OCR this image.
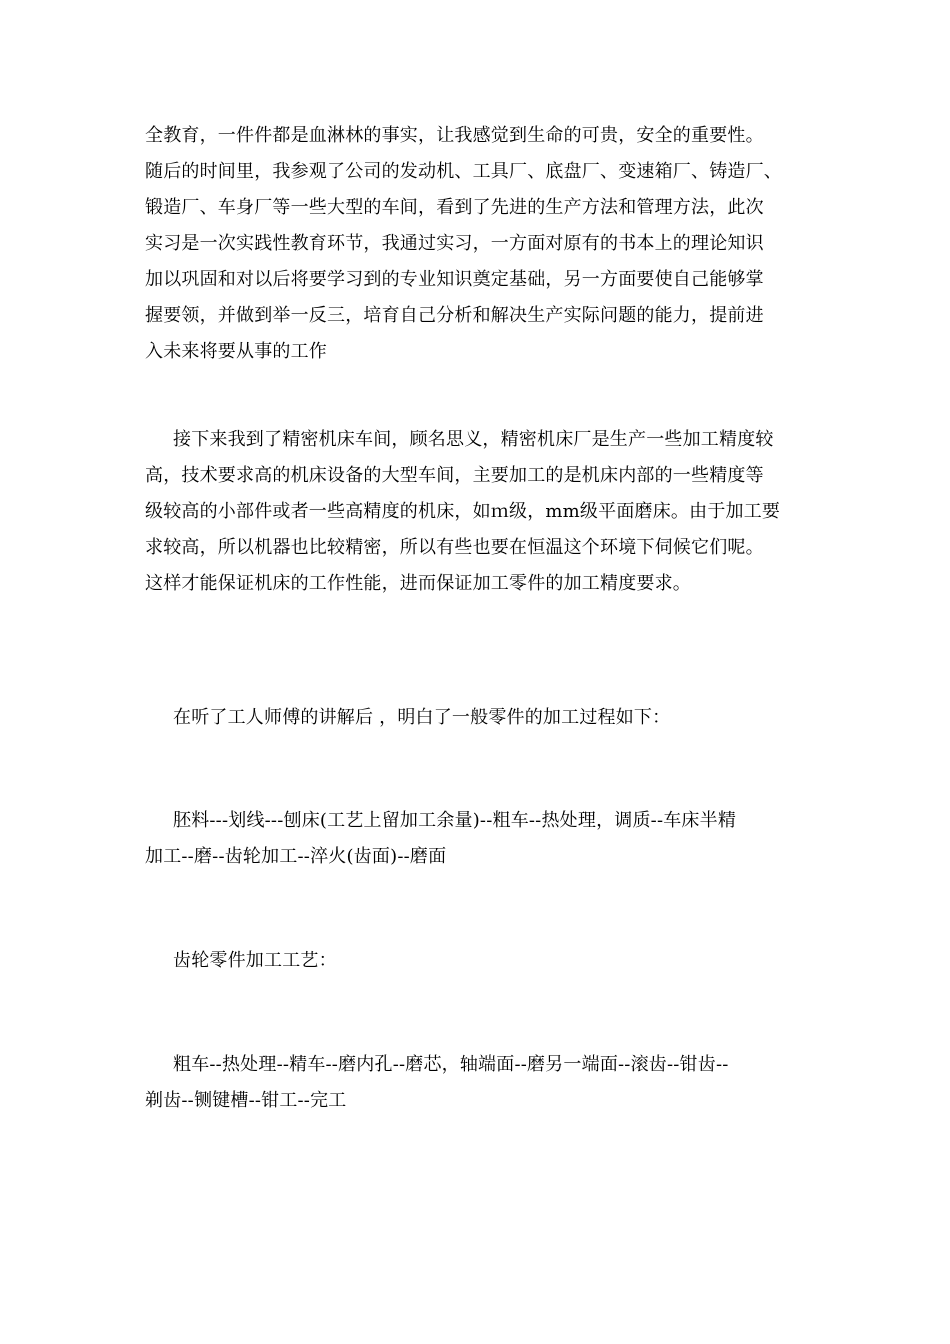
全教育，一件件都是血淋林的事实，让我感觉到生命的可贵，安全的重要性。
随后的时间里，我参观了公司的发动机、工具厂、底盘厂、变速箱厂、铸造厂、
锻造厂、车身厂等一些大型的车间，看到了先进的生产方法和管理方法，此次
实习是一次实践性教育环节，我通过实习，一方面对原有的书本上的理论知识
加以巩固和对以后将要学习到的专业知识奠定基础，另一方面要使自己能够掌
握要领，并做到举一反三，培育自己分析和解决生产实际问题的能力，提前进
入未来将要从事的工作

接下来我到了精密机床车间，顾名思义，精密机床厂是生产一些加工精度较
高，技术要求高的机床设备的大型车间，主要加工的是机床内部的一些精度等
级较高的小部件或者一些高精度的机床，如ｍ级，mm级平面磨床。由于加工要
求较高，所以机器也比较精密，所以有些也要在恒温这个环境下伺候它们呢。
这样才能保证机床的工作性能，进而保证加工零件的加工精度要求。

在听了工人师傅的讲解后 ，明白了一般零件的加工过程如下：

胚料---划线---刨床(工艺上留加工余量)--粗车--热处理，调质--车床半精
加工--磨--齿轮加工--淬火(齿面)--磨面

齿轮零件加工工艺：

粗车--热处理--精车--磨内孔--磨芯，轴端面--磨另一端面--滚齿--钳齿--
剃齿--铡键槽--钳工--完工
